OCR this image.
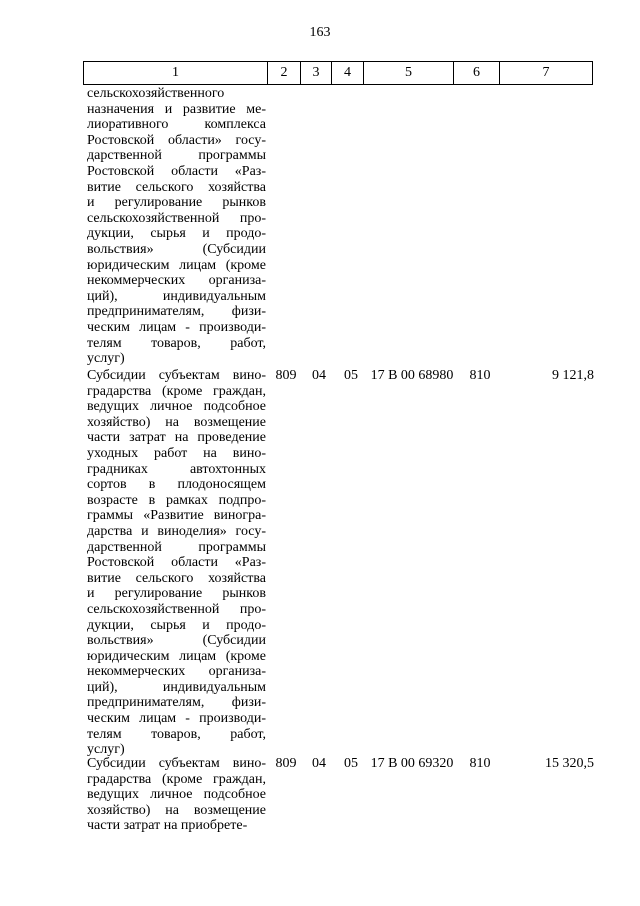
163
1	2	3	4	5	6	7
сельскохозяйственного
назначения и развитие ме-
лиоративного комплекса
Ростовской области» госу-
дарственной программы
Ростовской области «Раз-
витие сельского хозяйства
и регулирование рынков
сельскохозяйственной про-
дукции, сырья и продо-
вольствия» (Субсидии
юридическим лицам (кроме
некоммерческих организа-
ций), индивидуальным
предпринимателям, физи-
ческим лицам - производи-
телям товаров, работ,
услуг)
Субсидии субъектам вино-
градарства (кроме граждан,
ведущих личное подсобное
хозяйство) на возмещение
части затрат на проведение
уходных работ на вино-
градниках автохтонных
сортов в плодоносящем
возрасте в рамках подпро-
граммы «Развитие виногра-
дарства и виноделия» госу-
дарственной программы
Ростовской области «Раз-
витие сельского хозяйства
и регулирование рынков
сельскохозяйственной про-
дукции, сырья и продо-
вольствия» (Субсидии
юридическим лицам (кроме
некоммерческих организа-
ций), индивидуальным
предпринимателям, физи-
ческим лицам - производи-
телям товаров, работ,
услуг)
809	04	05 17 В 00 68980	810	9 121,8
Субсидии субъектам вино-
градарства (кроме граждан,
ведущих личное подсобное
хозяйство) на возмещение
части затрат на приобрете-
809	04	05 17 В 00 69320	810	15 320,5
